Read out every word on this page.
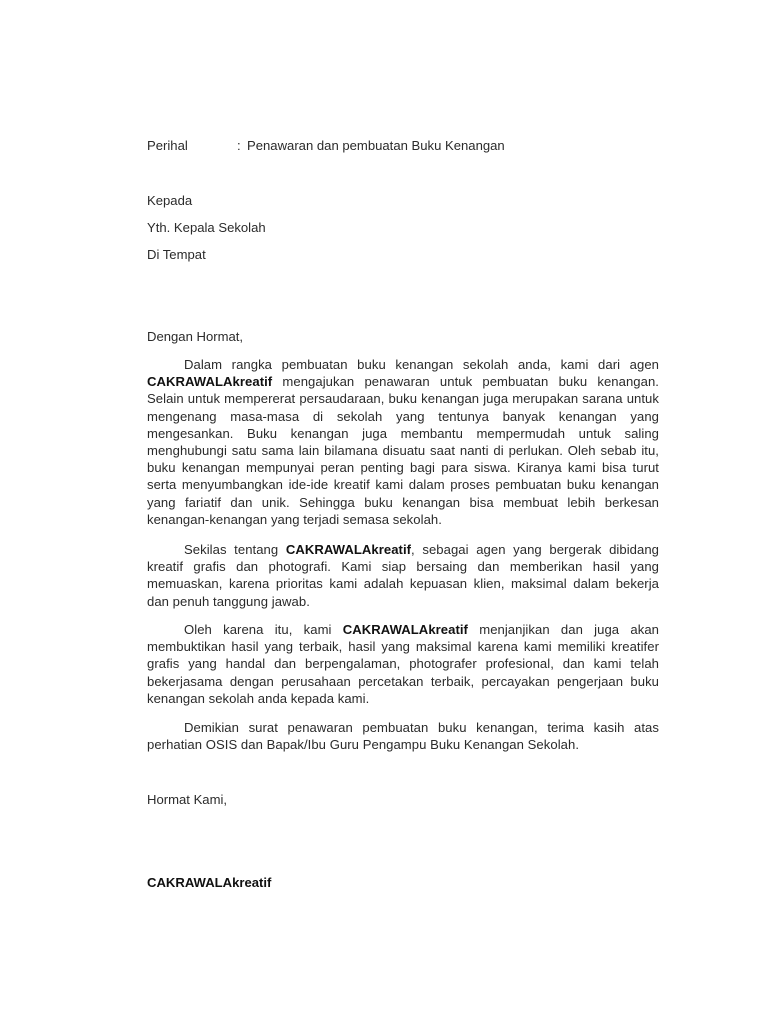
Perihal	: Penawaran dan pembuatan Buku Kenangan

Kepada

Yth. Kepala Sekolah

Di Tempat

Dengan Hormat,

Dalam rangka pembuatan buku kenangan sekolah anda, kami dari agen CAKRAWALAkreatif mengajukan penawaran untuk pembuatan buku kenangan. Selain untuk mempererat persaudaraan, buku kenangan juga merupakan sarana untuk mengenang masa-masa di sekolah yang tentunya banyak kenangan yang mengesankan. Buku kenangan juga membantu mempermudah untuk saling menghubungi satu sama lain bilamana disuatu saat nanti di perlukan. Oleh sebab itu, buku kenangan mempunyai peran penting bagi para siswa. Kiranya kami bisa turut serta menyumbangkan ide-ide kreatif kami dalam proses pembuatan buku kenangan yang fariatif dan unik. Sehingga buku kenangan bisa membuat lebih berkesan kenangan-kenangan yang terjadi semasa sekolah.

Sekilas tentang CAKRAWALAkreatif, sebagai agen yang bergerak dibidang kreatif grafis dan photografi. Kami siap bersaing dan memberikan hasil yang memuaskan, karena prioritas kami adalah kepuasan klien, maksimal dalam bekerja dan penuh tanggung jawab.

Oleh karena itu, kami CAKRAWALAkreatif menjanjikan dan juga akan membuktikan hasil yang terbaik, hasil yang maksimal karena kami memiliki kreatifer grafis yang handal dan berpengalaman, photografer profesional, dan kami telah bekerjasama dengan perusahaan percetakan terbaik, percayakan pengerjaan buku kenangan sekolah anda kepada kami.

Demikian surat penawaran pembuatan buku kenangan, terima kasih atas perhatian OSIS dan Bapak/Ibu Guru Pengampu Buku Kenangan Sekolah.

Hormat Kami,

CAKRAWALAkreatif
